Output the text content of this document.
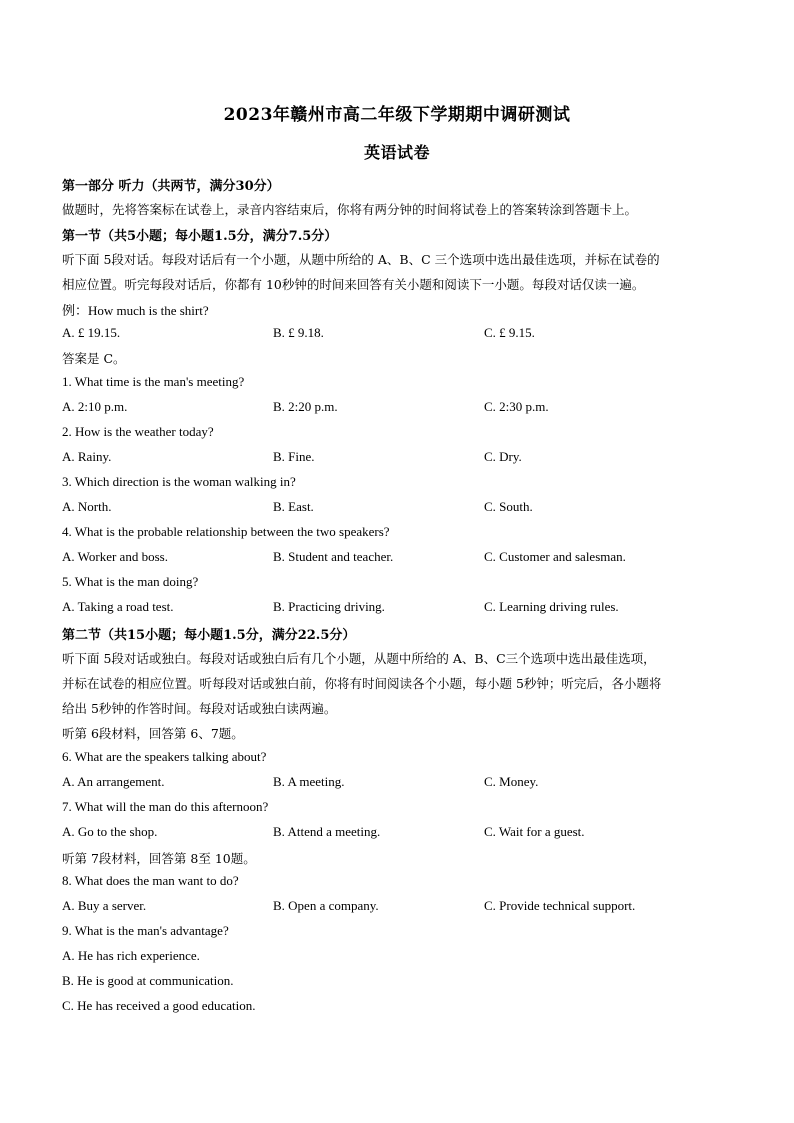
2023年赣州市高二年级下学期期中调研测试
英语试卷
第一部分 听力（共两节，满分30分）
做题时，先将答案标在试卷上，录音内容结束后，你将有两分钟的时间将试卷上的答案转涂到答题卡上。
第一节（共5小题；每小题1.5分，满分7.5分）
听下面 5段对话。每段对话后有一个小题，从题中所给的 A、B、C 三个选项中选出最佳选项，并标在试卷的
相应位置。听完每段对话后，你都有 10秒钟的时间来回答有关小题和阅读下一小题。每段对话仅读一遍。
例：How much is the shirt?
A. £ 19.15.	B. £ 9.18.	C. £ 9.15.
答案是 C。
1. What time is the man's meeting?
A. 2:10 p.m.	B. 2:20 p.m.	C. 2:30 p.m.
2. How is the weather today?
A. Rainy.	B. Fine.	C. Dry.
3. Which direction is the woman walking in?
A. North.	B. East.	C. South.
4. What is the probable relationship between the two speakers?
A. Worker and boss.	B. Student and teacher.	C. Customer and salesman.
5. What is the man doing?
A. Taking a road test.	B. Practicing driving.	C. Learning driving rules.
第二节（共15小题；每小题1.5分，满分22.5分）
听下面 5段对话或独白。每段对话或独白后有几个小题，从题中所给的 A、B、C三个选项中选出最佳选项，
并标在试卷的相应位置。听每段对话或独白前，你将有时间阅读各个小题，每小题 5秒钟；听完后，各小题将
给出 5秒钟的作答时间。每段对话或独白读两遍。
听第 6段材料，回答第 6、7题。
6. What are the speakers talking about?
A. An arrangement.	B. A meeting.	C. Money.
7. What will the man do this afternoon?
A. Go to the shop.	B. Attend a meeting.	C. Wait for a guest.
听第 7段材料，回答第 8至 10题。
8. What does the man want to do?
A. Buy a server.	B. Open a company.	C. Provide technical support.
9. What is the man's advantage?
A. He has rich experience.
B. He is good at communication.
C. He has received a good education.
